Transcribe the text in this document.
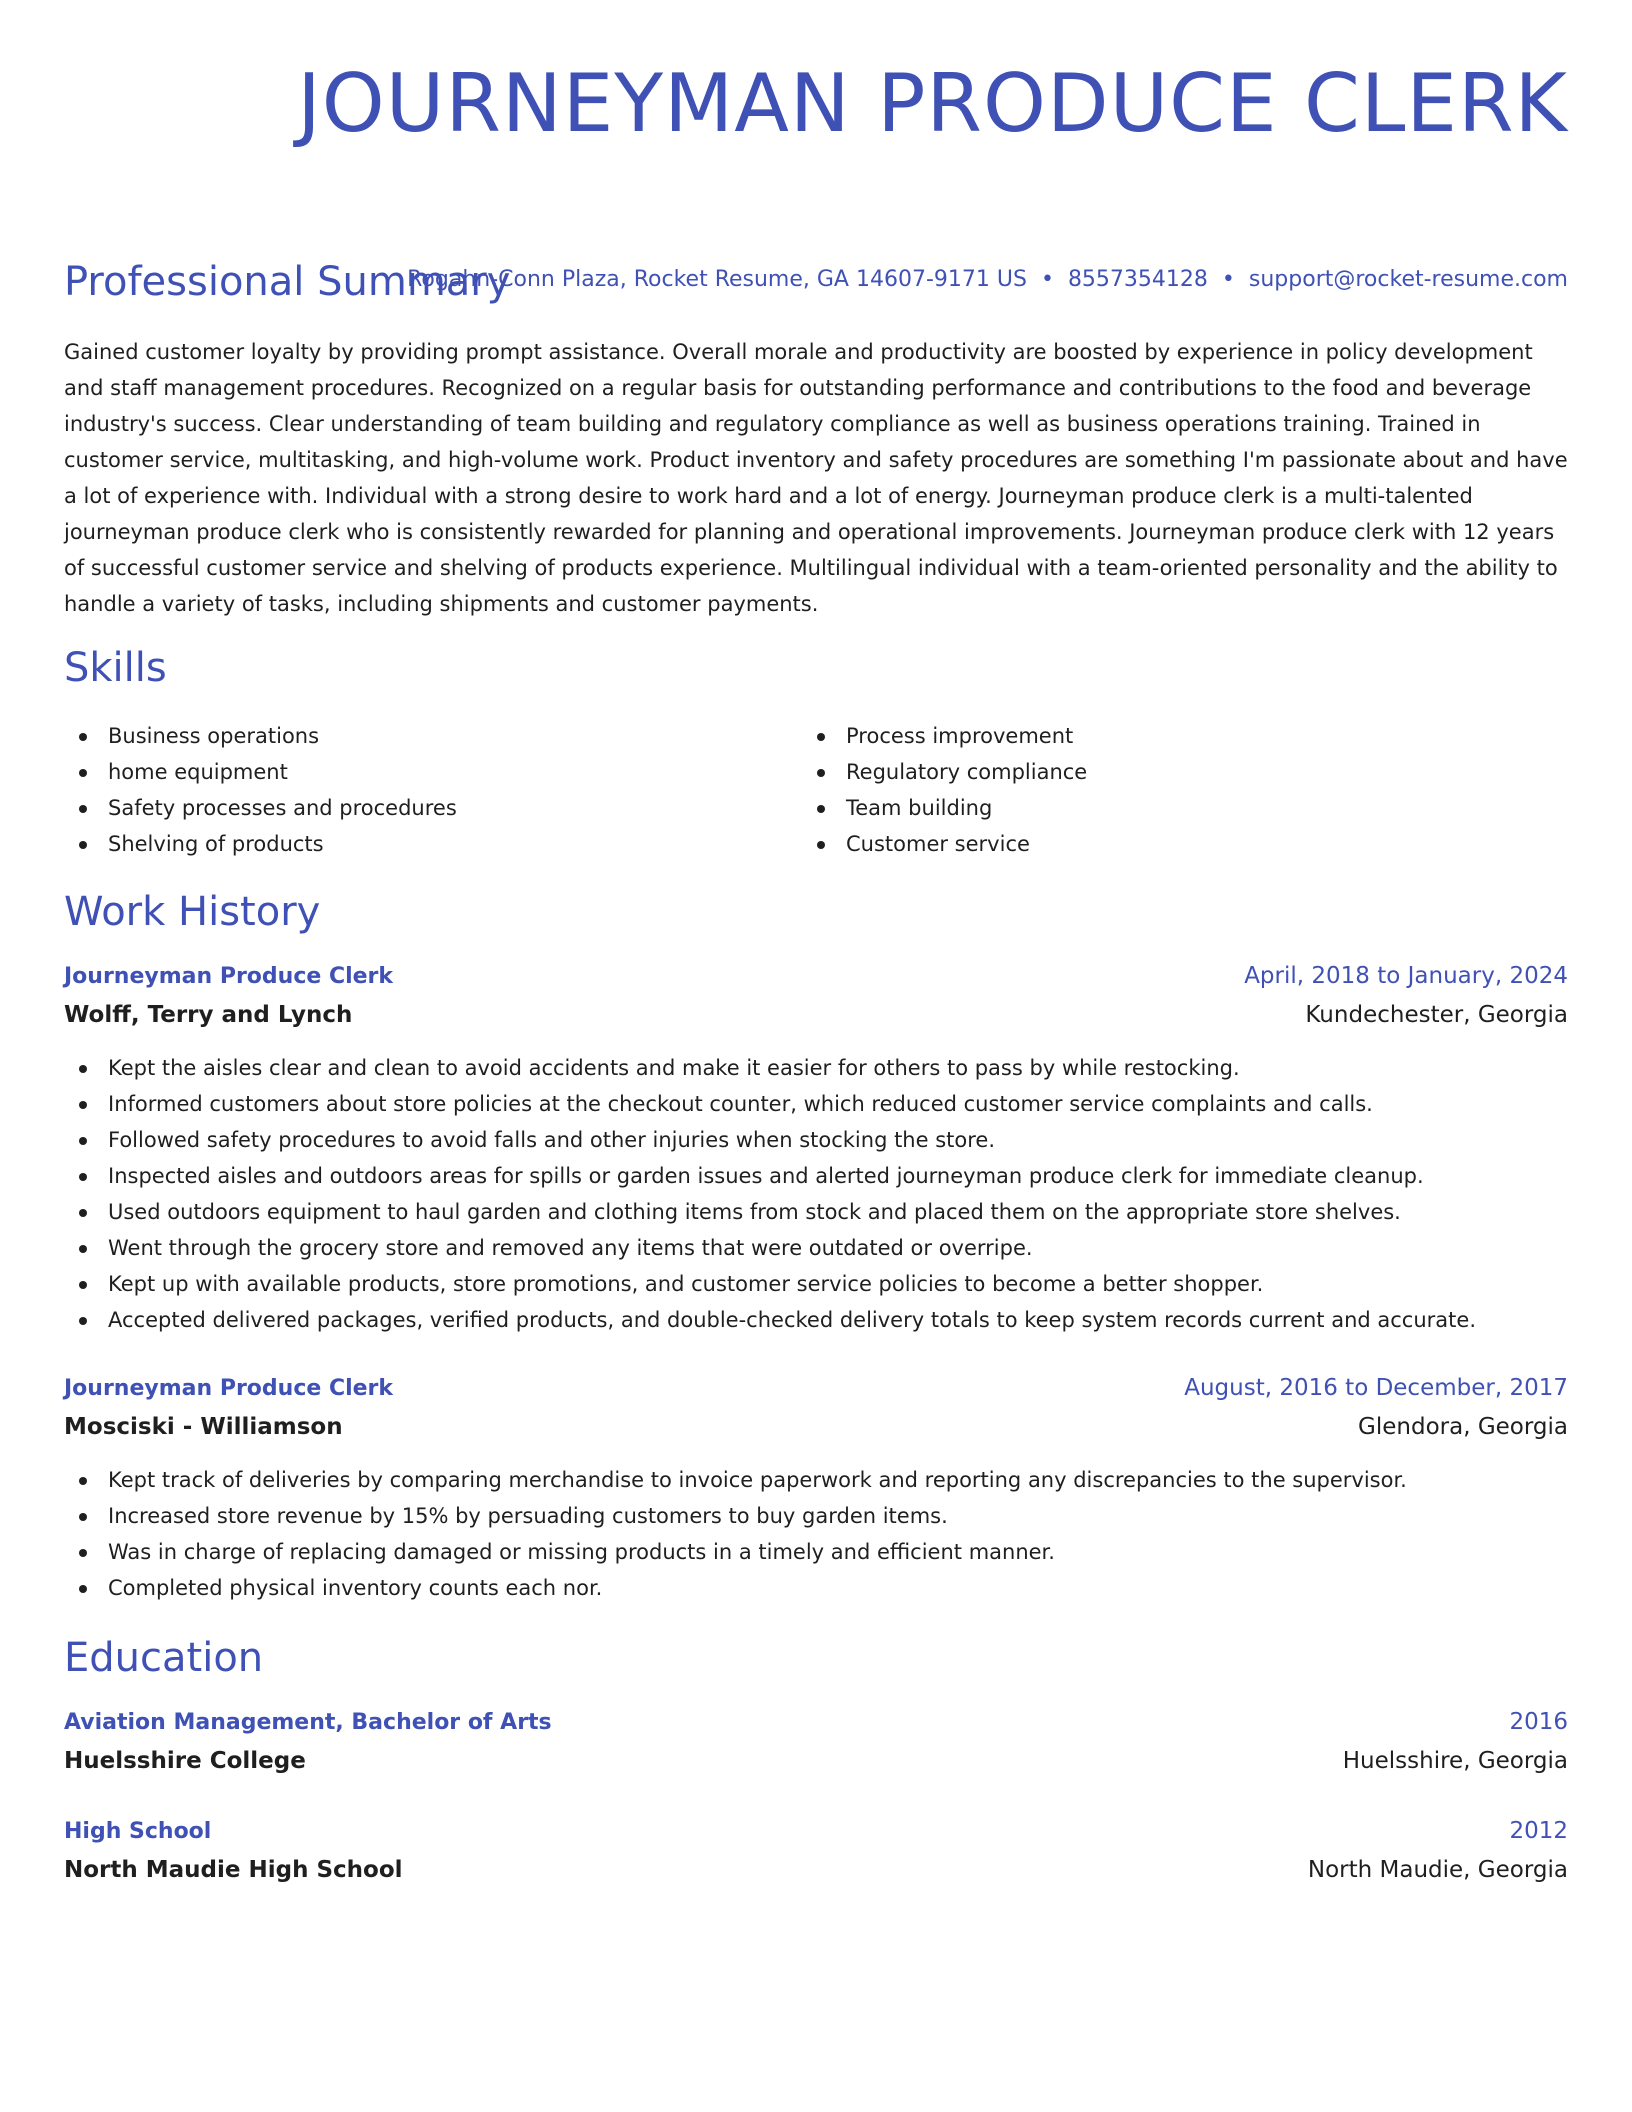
JOURNEYMAN PRODUCE CLERK
Rogahn-Conn Plaza, Rocket Resume, GA 14607-9171 US • 8557354128 • support@rocket-resume.com
Professional Summary

Gained customer loyalty by providing prompt assistance. Overall morale and productivity are boosted by experience in policy development and staff management procedures. Recognized on a regular basis for outstanding performance and contributions to the food and beverage industry's success. Clear understanding of team building and regulatory compliance as well as business operations training. Trained in customer service, multitasking, and high-volume work. Product inventory and safety procedures are something I'm passionate about and have a lot of experience with. Individual with a strong desire to work hard and a lot of energy. Journeyman produce clerk is a multi-talented journeyman produce clerk who is consistently rewarded for planning and operational improvements. Journeyman produce clerk with 12 years of successful customer service and shelving of products experience. Multilingual individual with a team-oriented personality and the ability to handle a variety of tasks, including shipments and customer payments.

Skills
Business operations
home equipment
Safety processes and procedures
Shelving of products
Process improvement
Regulatory compliance
Team building
Customer service
Work History
Journeyman Produce Clerk	April, 2018 to January, 2024
Wolff, Terry and Lynch	Kundechester, Georgia
Kept the aisles clear and clean to avoid accidents and make it easier for others to pass by while restocking.
Informed customers about store policies at the checkout counter, which reduced customer service complaints and calls.
Followed safety procedures to avoid falls and other injuries when stocking the store.
Inspected aisles and outdoors areas for spills or garden issues and alerted journeyman produce clerk for immediate cleanup.
Used outdoors equipment to haul garden and clothing items from stock and placed them on the appropriate store shelves.
Went through the grocery store and removed any items that were outdated or overripe.
Kept up with available products, store promotions, and customer service policies to become a better shopper.
Accepted delivered packages, verified products, and double-checked delivery totals to keep system records current and accurate.
Journeyman Produce Clerk	August, 2016 to December, 2017
Mosciski - Williamson	Glendora, Georgia
Kept track of deliveries by comparing merchandise to invoice paperwork and reporting any discrepancies to the supervisor.
Increased store revenue by 15% by persuading customers to buy garden items.
Was in charge of replacing damaged or missing products in a timely and efficient manner.
Completed physical inventory counts each nor.
Education
Aviation Management, Bachelor of Arts	2016
Huelsshire College	Huelsshire, Georgia
High School	2012
North Maudie High School	North Maudie, Georgia
